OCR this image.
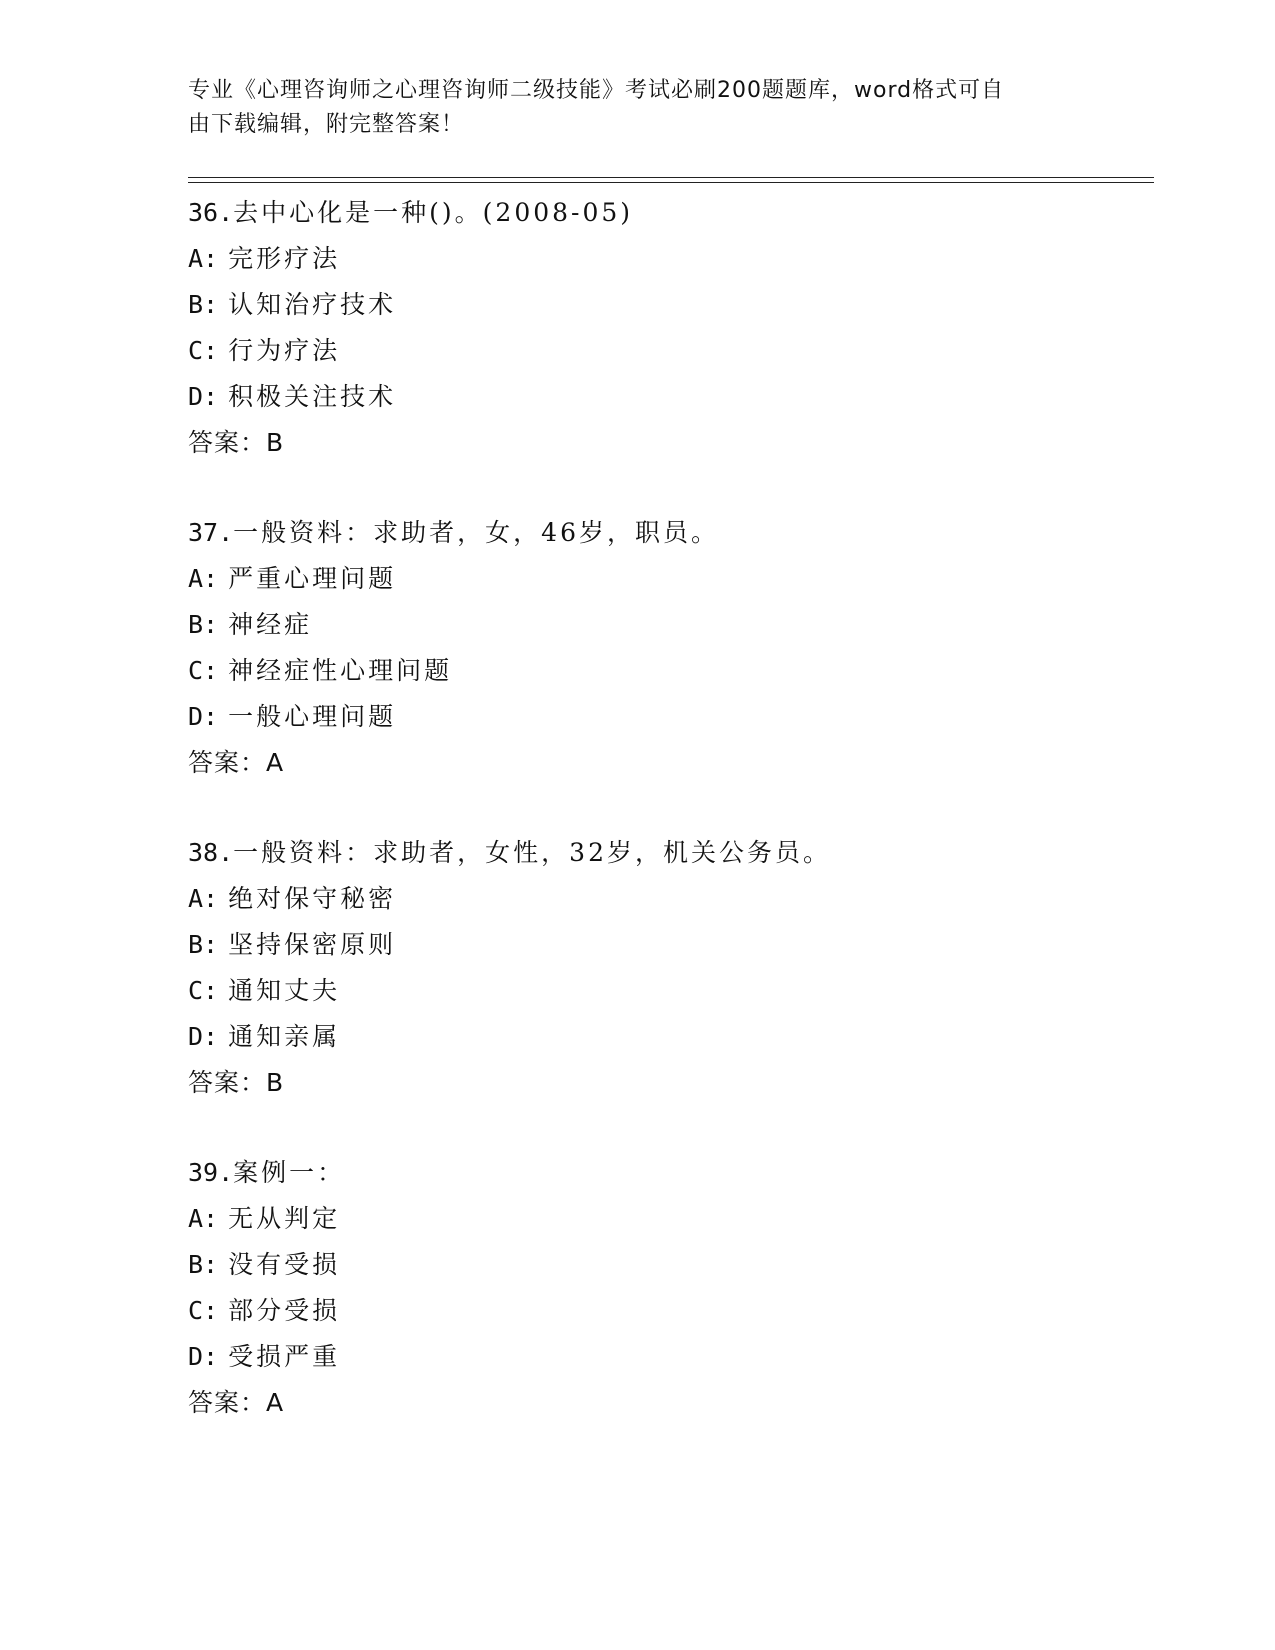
专业《心理咨询师之心理咨询师二级技能》考试必刷200题题库，word格式可自
由下载编辑，附完整答案！
36.去中心化是一种()。(2008-05)
A: 完形疗法
B: 认知治疗技术
C: 行为疗法
D: 积极关注技术
答案：B
37.一般资料：求助者，女，46岁，职员。
A: 严重心理问题
B: 神经症
C: 神经症性心理问题
D: 一般心理问题
答案：A
38.一般资料：求助者，女性，32岁，机关公务员。
A: 绝对保守秘密
B: 坚持保密原则
C: 通知丈夫
D: 通知亲属
答案：B
39.案例一：
A: 无从判定
B: 没有受损
C: 部分受损
D: 受损严重
答案：A
